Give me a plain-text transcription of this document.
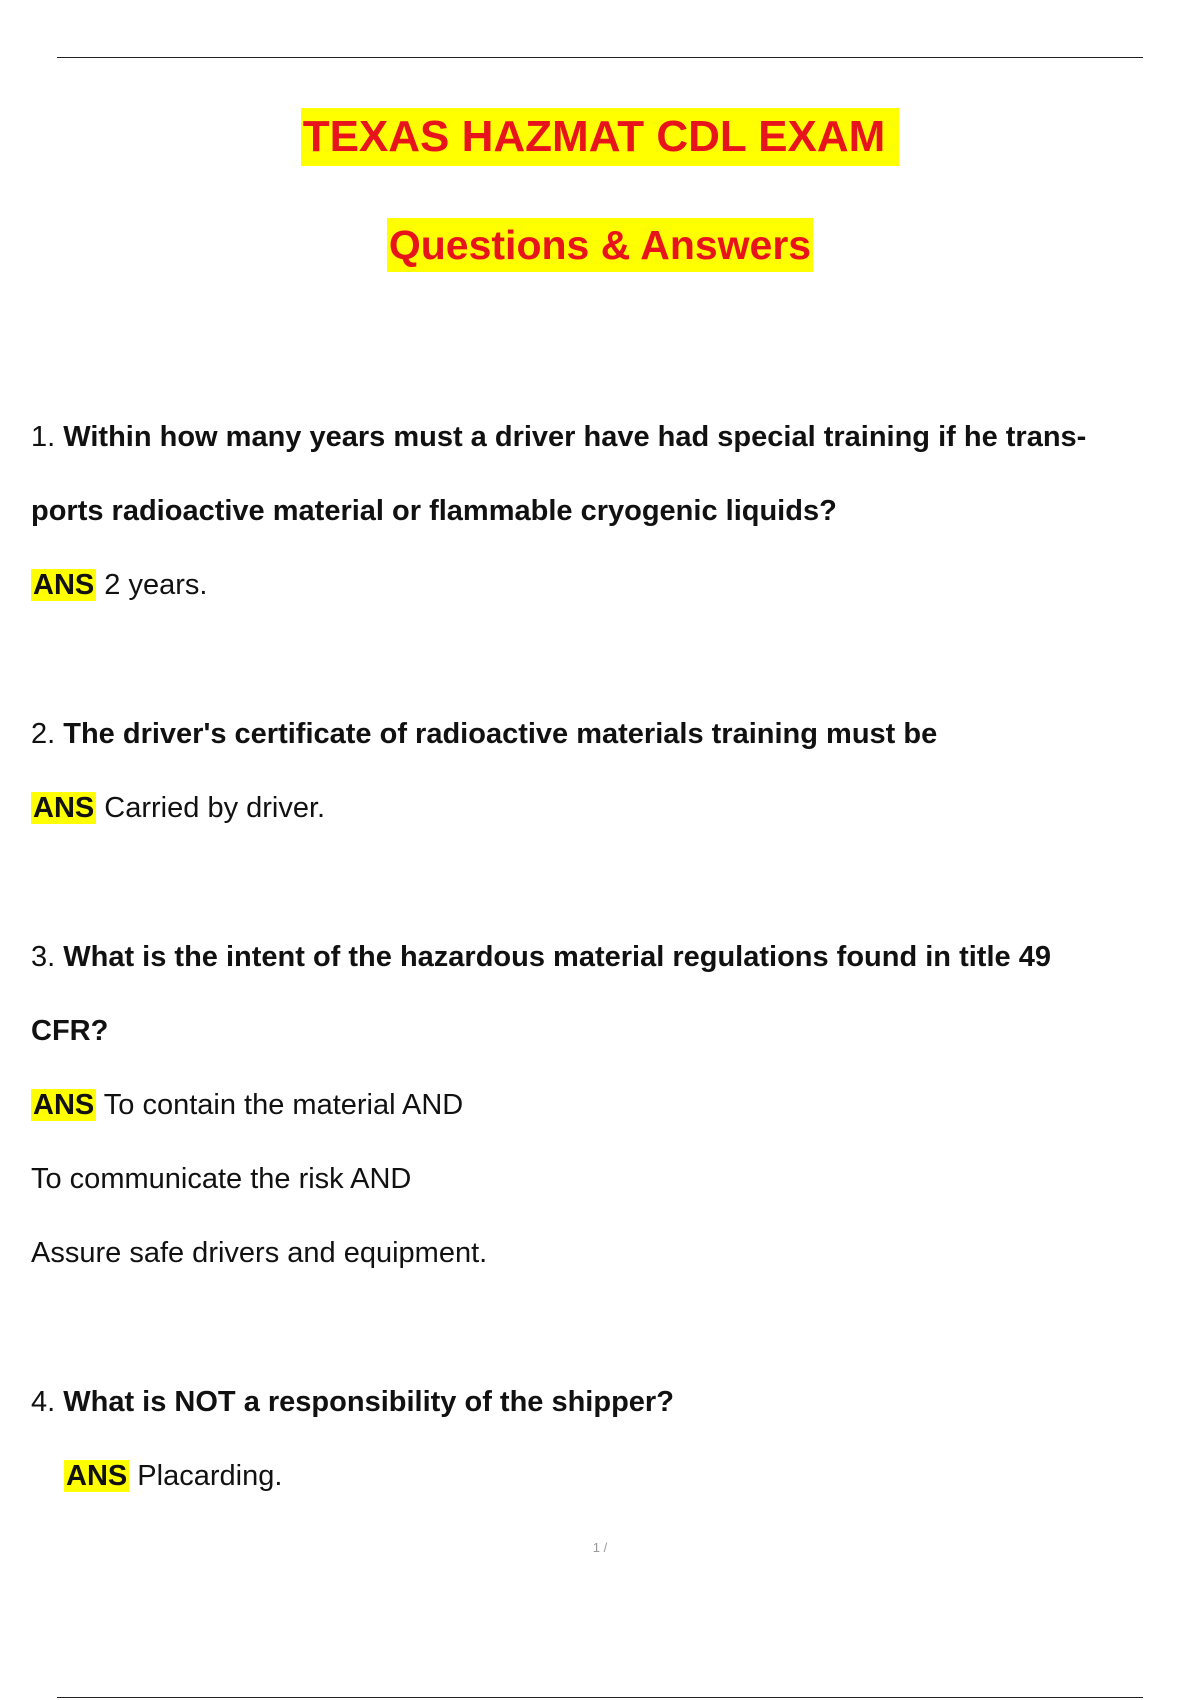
TEXAS HAZMAT CDL EXAM
Questions & Answers
1. Within how many years must a driver have had special training if he trans-
ports radioactive material or flammable cryogenic liquids?
ANS 2 years.
2. The driver's certificate of radioactive materials training must be
ANS Carried by driver.
3. What is the intent of the hazardous material regulations found in title 49
CFR?
ANS To contain the material AND
To communicate the risk AND
Assure safe drivers and equipment.
4. What is NOT a responsibility of the shipper?
ANS Placarding.
1 /
